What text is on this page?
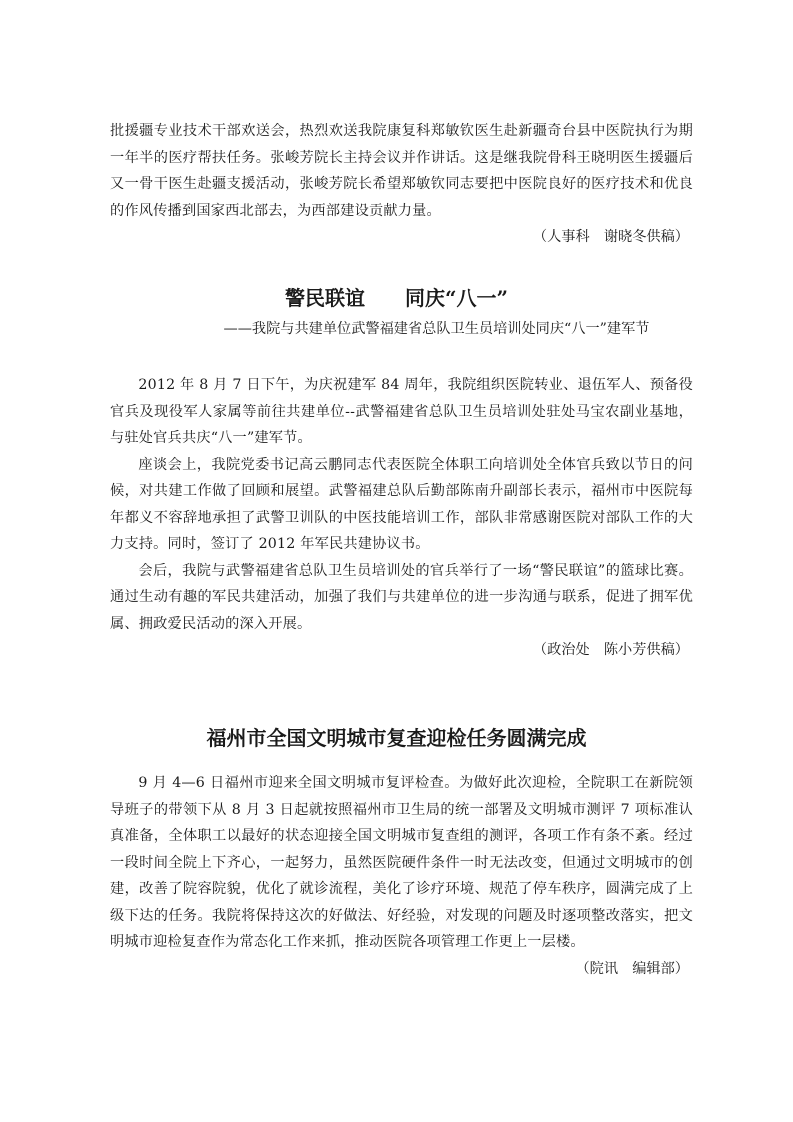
批援疆专业技术干部欢送会，热烈欢送我院康复科郑敏钦医生赴新疆奇台县中医院执行为期一年半的医疗帮扶任务。张峻芳院长主持会议并作讲话。这是继我院骨科王晓明医生援疆后又一骨干医生赴疆支援活动，张峻芳院长希望郑敏钦同志要把中医院良好的医疗技术和优良的作风传播到国家西北部去，为西部建设贡献力量。

（人事科　谢晓冬供稿）

警民联谊　　同庆“八一”

——我院与共建单位武警福建省总队卫生员培训处同庆“八一”建军节

2012 年 8 月 7 日下午，为庆祝建军 84 周年，我院组织医院转业、退伍军人、预备役官兵及现役军人家属等前往共建单位--武警福建省总队卫生员培训处驻处马宝农副业基地，与驻处官兵共庆“八一”建军节。

座谈会上，我院党委书记高云鹏同志代表医院全体职工向培训处全体官兵致以节日的问候，对共建工作做了回顾和展望。武警福建总队后勤部陈南升副部长表示，福州市中医院每年都义不容辞地承担了武警卫训队的中医技能培训工作，部队非常感谢医院对部队工作的大力支持。同时，签订了 2012 年军民共建协议书。

会后，我院与武警福建省总队卫生员培训处的官兵举行了一场“警民联谊”的篮球比赛。通过生动有趣的军民共建活动，加强了我们与共建单位的进一步沟通与联系，促进了拥军优属、拥政爱民活动的深入开展。

（政治处　陈小芳供稿）

福州市全国文明城市复查迎检任务圆满完成

9 月 4—6 日福州市迎来全国文明城市复评检查。为做好此次迎检，全院职工在新院领导班子的带领下从 8 月 3 日起就按照福州市卫生局的统一部署及文明城市测评 7 项标准认真准备，全体职工以最好的状态迎接全国文明城市复查组的测评，各项工作有条不紊。经过一段时间全院上下齐心，一起努力，虽然医院硬件条件一时无法改变，但通过文明城市的创建，改善了院容院貌，优化了就诊流程，美化了诊疗环境、规范了停车秩序，圆满完成了上级下达的任务。我院将保持这次的好做法、好经验，对发现的问题及时逐项整改落实，把文明城市迎检复查作为常态化工作来抓，推动医院各项管理工作更上一层楼。

（院讯　编辑部）
